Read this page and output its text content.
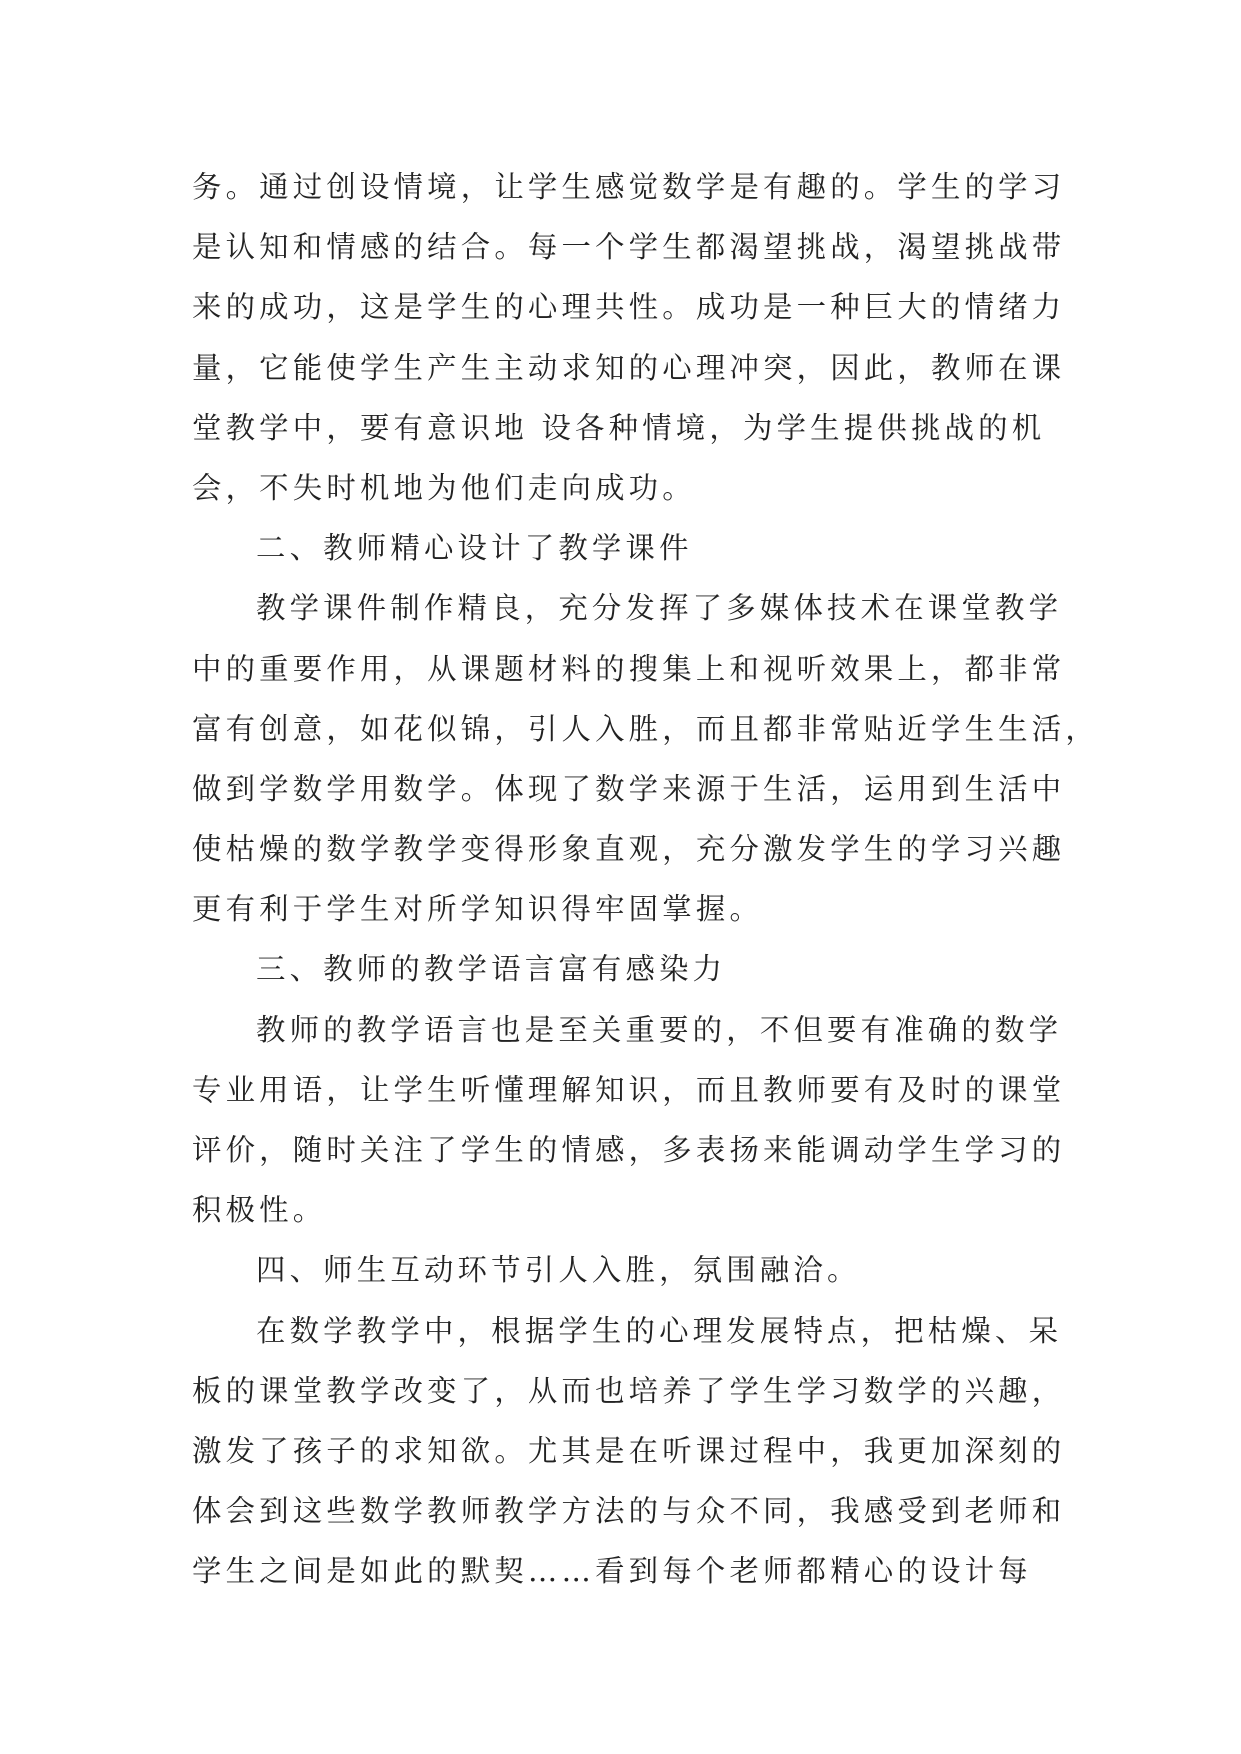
务。通过创设情境，让学生感觉数学是有趣的。学生的学习
是认知和情感的结合。每一个学生都渴望挑战，渴望挑战带
来的成功，这是学生的心理共性。成功是一种巨大的情绪力
量，它能使学生产生主动求知的心理冲突，因此，教师在课
堂教学中，要有意识地 设各种情境，为学生提供挑战的机
会，不失时机地为他们走向成功。
二、教师精心设计了教学课件
教学课件制作精良，充分发挥了多媒体技术在课堂教学
中的重要作用，从课题材料的搜集上和视听效果上，都非常
富有创意，如花似锦，引人入胜，而且都非常贴近学生生活，
做到学数学用数学。体现了数学来源于生活，运用到生活中
使枯燥的数学教学变得形象直观，充分激发学生的学习兴趣
更有利于学生对所学知识得牢固掌握。
三、教师的教学语言富有感染力
教师的教学语言也是至关重要的，不但要有准确的数学
专业用语，让学生听懂理解知识，而且教师要有及时的课堂
评价，随时关注了学生的情感，多表扬来能调动学生学习的
积极性。
四、师生互动环节引人入胜，氛围融洽。
在数学教学中，根据学生的心理发展特点，把枯燥、呆
板的课堂教学改变了，从而也培养了学生学习数学的兴趣，
激发了孩子的求知欲。尤其是在听课过程中，我更加深刻的
体会到这些数学教师教学方法的与众不同，我感受到老师和
学生之间是如此的默契……看到每个老师都精心的设计每
